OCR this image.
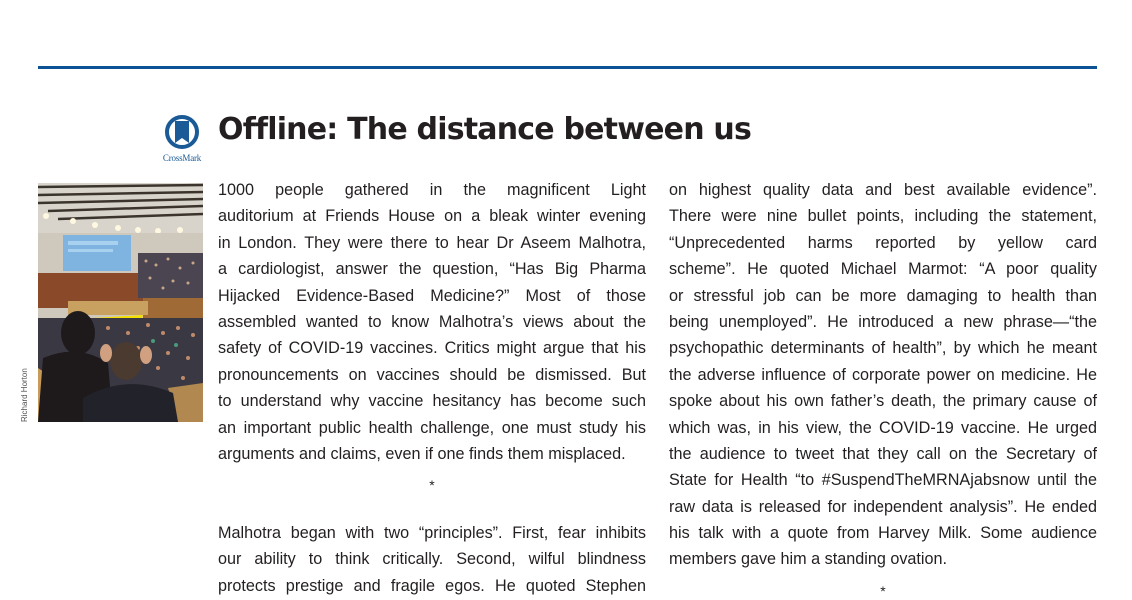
CrossMark
Offline: The distance between us
Richard Horton

1000 people gathered in the magnificent Light
auditorium at Friends House on a bleak winter evening
in London. They were there to hear Dr Aseem Malhotra,
a cardiologist, answer the question, “Has Big Pharma
Hijacked Evidence-Based Medicine?” Most of those
assembled wanted to know Malhotra’s views about the
safety of COVID-19 vaccines. Critics might argue that his
pronouncements on vaccines should be dismissed. But
to understand why vaccine hesitancy has become such
an important public health challenge, one must study his
arguments and claims, even if one finds them misplaced.

*

Malhotra began with two “principles”. First, fear inhibits
our ability to think critically. Second, wilful blindness
protects prestige and fragile egos. He quoted Stephen

on highest quality data and best available evidence”.
There were nine bullet points, including the statement,
“Unprecedented harms reported by yellow card
scheme”. He quoted Michael Marmot: “A poor quality
or stressful job can be more damaging to health than
being unemployed”. He introduced a new phrase—“the
psychopathic determinants of health”, by which he meant
the adverse influence of corporate power on medicine. He
spoke about his own father’s death, the primary cause of
which was, in his view, the COVID-19 vaccine. He urged
the audience to tweet that they call on the Secretary of
State for Health “to #SuspendTheMRNAjabsnow until the
raw data is released for independent analysis”. He ended
his talk with a quote from Harvey Milk. Some audience
members gave him a standing ovation.

*
